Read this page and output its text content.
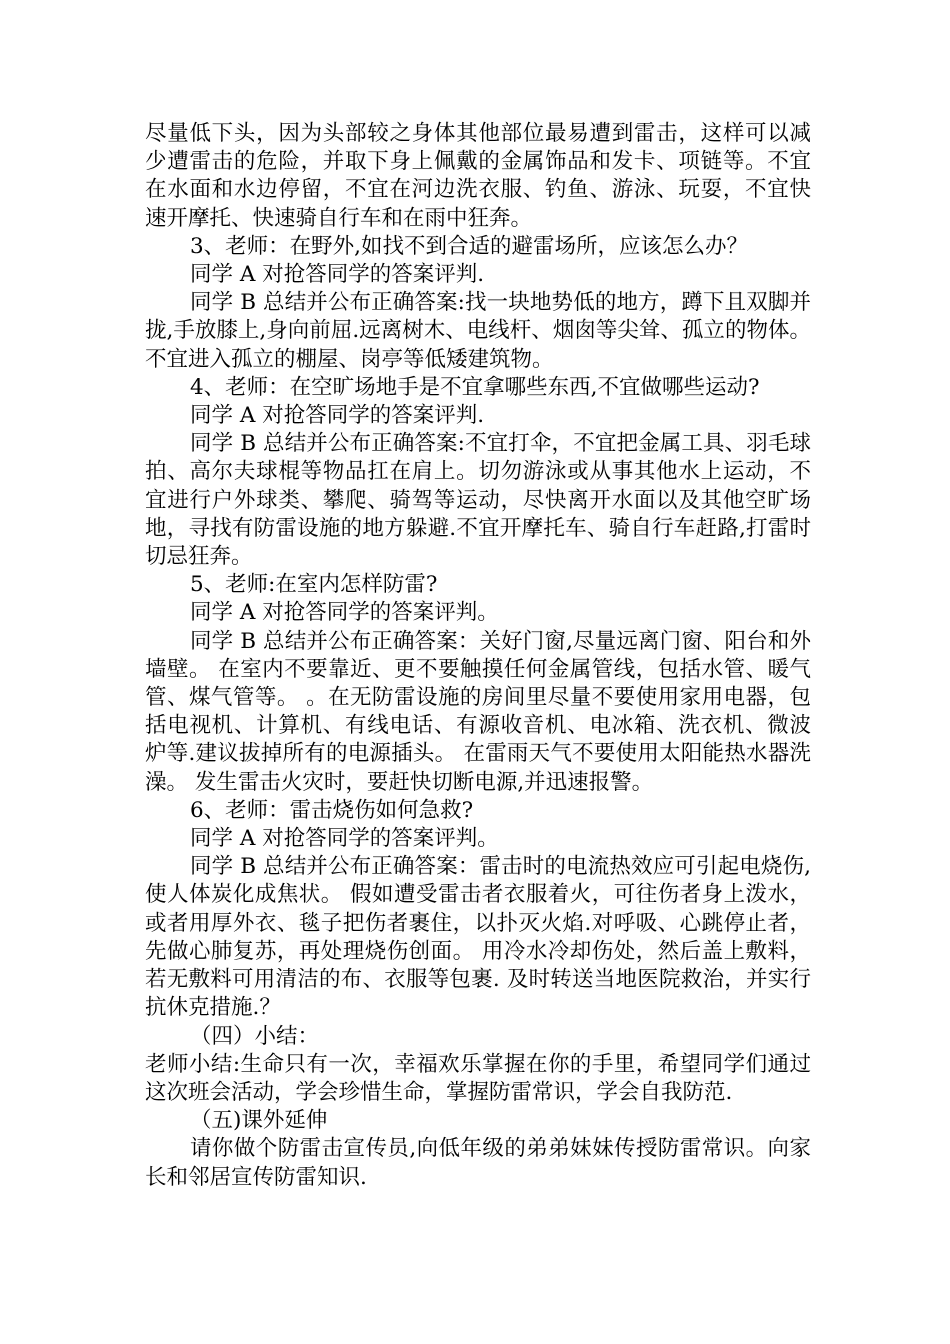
尽量低下头，因为头部较之身体其他部位最易遭到雷击，这样可以减少遭雷击的危险，并取下身上佩戴的金属饰品和发卡、项链等。不宜在水面和水边停留，不宜在河边洗衣服、钓鱼、游泳、玩耍，不宜快速开摩托、快速骑自行车和在雨中狂奔。

3、老师：在野外,如找不到合适的避雷场所，应该怎么办？

同学 A 对抢答同学的答案评判.

同学 B 总结并公布正确答案:找一块地势低的地方，蹲下且双脚并拢,手放膝上,身向前屈.远离树木、电线杆、烟囱等尖耸、孤立的物体。不宜进入孤立的棚屋、岗亭等低矮建筑物。

4、老师：在空旷场地手是不宜拿哪些东西,不宜做哪些运动?

同学 A 对抢答同学的答案评判.

同学 B 总结并公布正确答案:不宜打伞，不宜把金属工具、羽毛球拍、高尔夫球棍等物品扛在肩上。切勿游泳或从事其他水上运动，不宜进行户外球类、攀爬、骑驾等运动，尽快离开水面以及其他空旷场地，寻找有防雷设施的地方躲避.不宜开摩托车、骑自行车赶路,打雷时切忌狂奔。

5、老师:在室内怎样防雷?

同学 A 对抢答同学的答案评判。

同学 B 总结并公布正确答案：关好门窗,尽量远离门窗、阳台和外墙壁。 在室内不要靠近、更不要触摸任何金属管线，包括水管、暖气管、煤气管等。 。在无防雷设施的房间里尽量不要使用家用电器，包括电视机、计算机、有线电话、有源收音机、电冰箱、洗衣机、微波炉等.建议拔掉所有的电源插头。 在雷雨天气不要使用太阳能热水器洗澡。 发生雷击火灾时，要赶快切断电源,并迅速报警。

6、老师：雷击烧伤如何急救?

同学 A 对抢答同学的答案评判。

同学 B 总结并公布正确答案：雷击时的电流热效应可引起电烧伤,使人体炭化成焦状。 假如遭受雷击者衣服着火，可往伤者身上泼水，或者用厚外衣、毯子把伤者裹住，以扑灭火焰.对呼吸、心跳停止者，先做心肺复苏，再处理烧伤创面。 用冷水冷却伤处，然后盖上敷料，若无敷料可用清洁的布、衣服等包裹. 及时转送当地医院救治，并实行抗休克措施.？

（四）小结：

老师小结:生命只有一次，幸福欢乐掌握在你的手里，希望同学们通过这次班会活动，学会珍惜生命，掌握防雷常识，学会自我防范.

（五)课外延伸

请你做个防雷击宣传员,向低年级的弟弟妹妹传授防雷常识。向家长和邻居宣传防雷知识.
